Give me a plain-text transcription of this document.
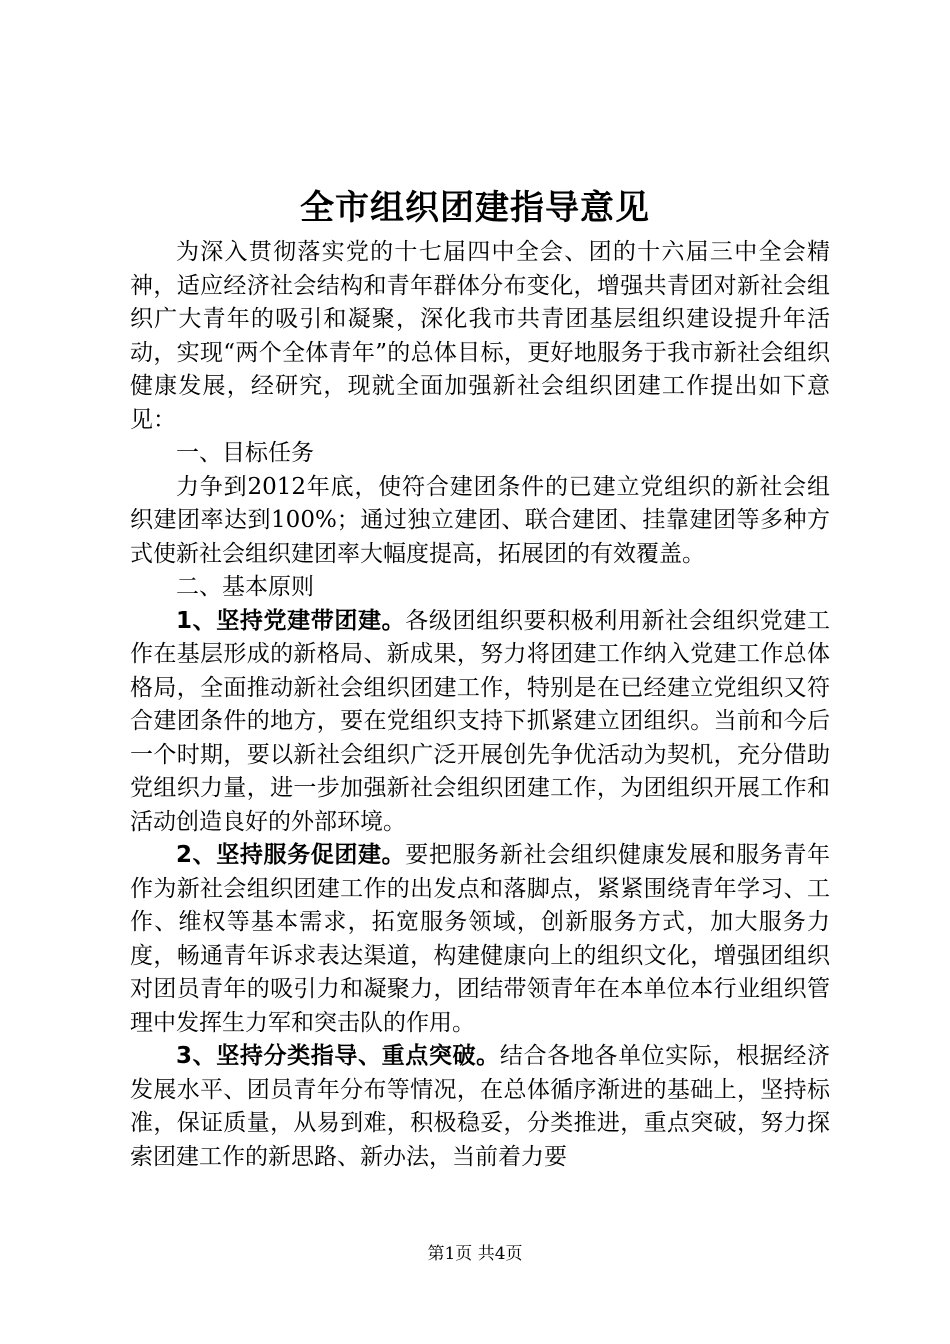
全市组织团建指导意见

为深入贯彻落实党的十七届四中全会、团的十六届三中全会精神，适应经济社会结构和青年群体分布变化，增强共青团对新社会组织广大青年的吸引和凝聚，深化我市共青团基层组织建设提升年活动，实现“两个全体青年”的总体目标，更好地服务于我市新社会组织健康发展，经研究，现就全面加强新社会组织团建工作提出如下意见：

一、目标任务

力争到2012年底，使符合建团条件的已建立党组织的新社会组织建团率达到100%；通过独立建团、联合建团、挂靠建团等多种方式使新社会组织建团率大幅度提高，拓展团的有效覆盖。

二、基本原则

1、坚持党建带团建。各级团组织要积极利用新社会组织党建工作在基层形成的新格局、新成果，努力将团建工作纳入党建工作总体格局，全面推动新社会组织团建工作，特别是在已经建立党组织又符合建团条件的地方，要在党组织支持下抓紧建立团组织。当前和今后一个时期，要以新社会组织广泛开展创先争优活动为契机，充分借助党组织力量，进一步加强新社会组织团建工作，为团组织开展工作和活动创造良好的外部环境。

2、坚持服务促团建。要把服务新社会组织健康发展和服务青年作为新社会组织团建工作的出发点和落脚点，紧紧围绕青年学习、工作、维权等基本需求，拓宽服务领域，创新服务方式，加大服务力度，畅通青年诉求表达渠道，构建健康向上的组织文化，增强团组织对团员青年的吸引力和凝聚力，团结带领青年在本单位本行业组织管理中发挥生力军和突击队的作用。

3、坚持分类指导、重点突破。结合各地各单位实际，根据经济发展水平、团员青年分布等情况，在总体循序渐进的基础上，坚持标准，保证质量，从易到难，积极稳妥，分类推进，重点突破，努力探索团建工作的新思路、新办法，当前着力要

第1页 共4页
